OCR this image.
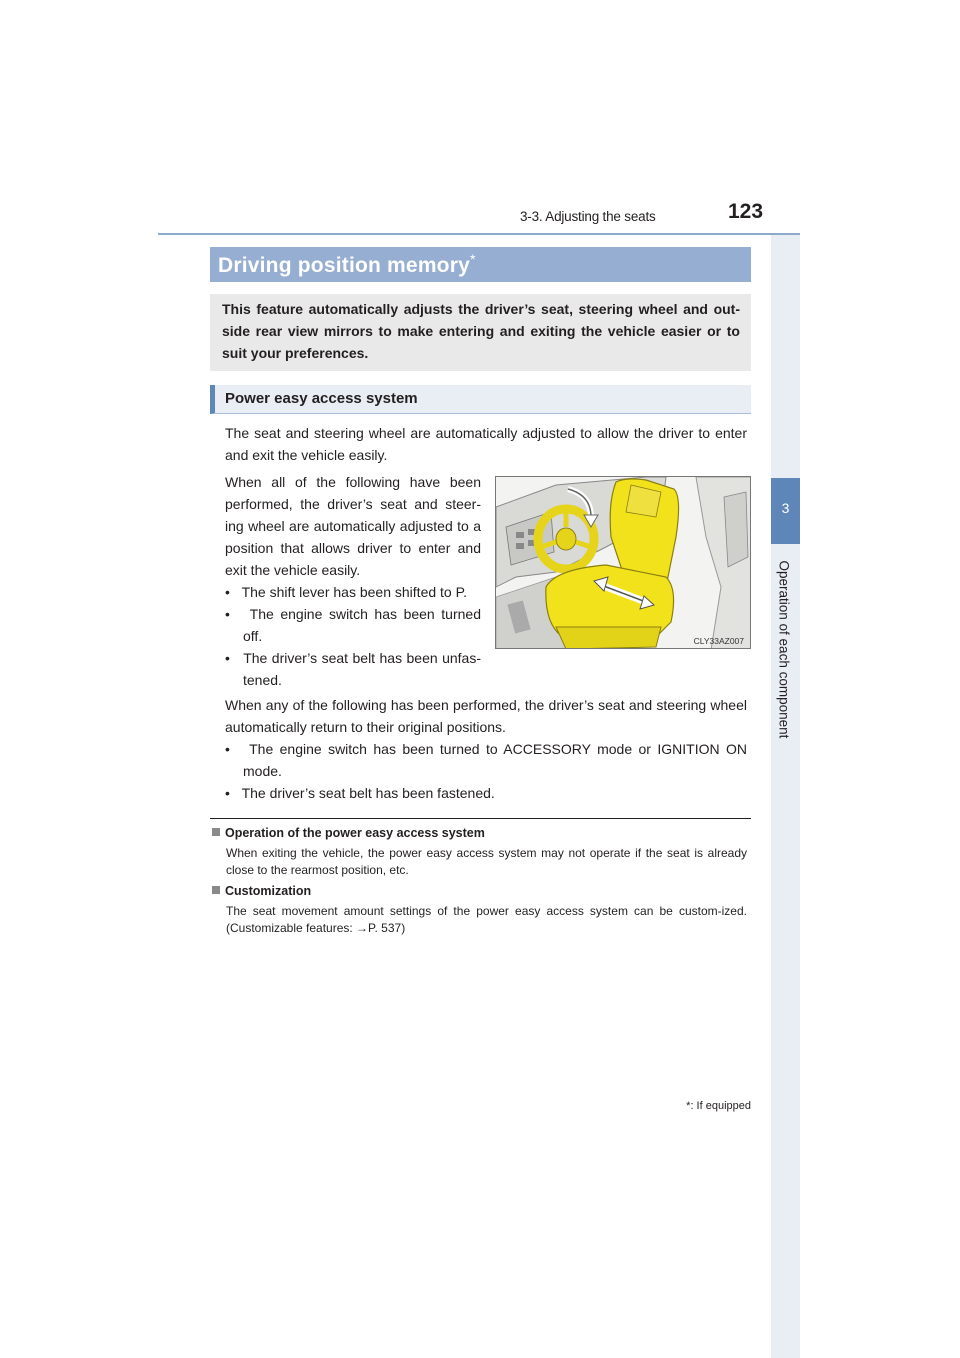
3-3. Adjusting the seats	123
3
Operation of each component
Driving position memory*
This feature automatically adjusts the driver’s seat, steering wheel and out-side rear view mirrors to make entering and exiting the vehicle easier or to suit your preferences.
Power easy access system
The seat and steering wheel are automatically adjusted to allow the driver to enter and exit the vehicle easily.
When all of the following have been performed, the driver’s seat and steer-ing wheel are automatically adjusted to a position that allows driver to enter and exit the vehicle easily.
•   The shift lever has been shifted to P.
•   The engine switch has been turned off.
•   The driver’s seat belt has been unfas-tened.
CLY33AZ007
When any of the following has been performed, the driver’s seat and steering wheel automatically return to their original positions.
•   The engine switch has been turned to ACCESSORY mode or IGNITION ON mode.
•   The driver’s seat belt has been fastened.
Operation of the power easy access system
When exiting the vehicle, the power easy access system may not operate if the seat is already close to the rearmost position, etc.
Customization
The seat movement amount settings of the power easy access system can be custom-ized. (Customizable features: →P. 537)
*: If equipped
